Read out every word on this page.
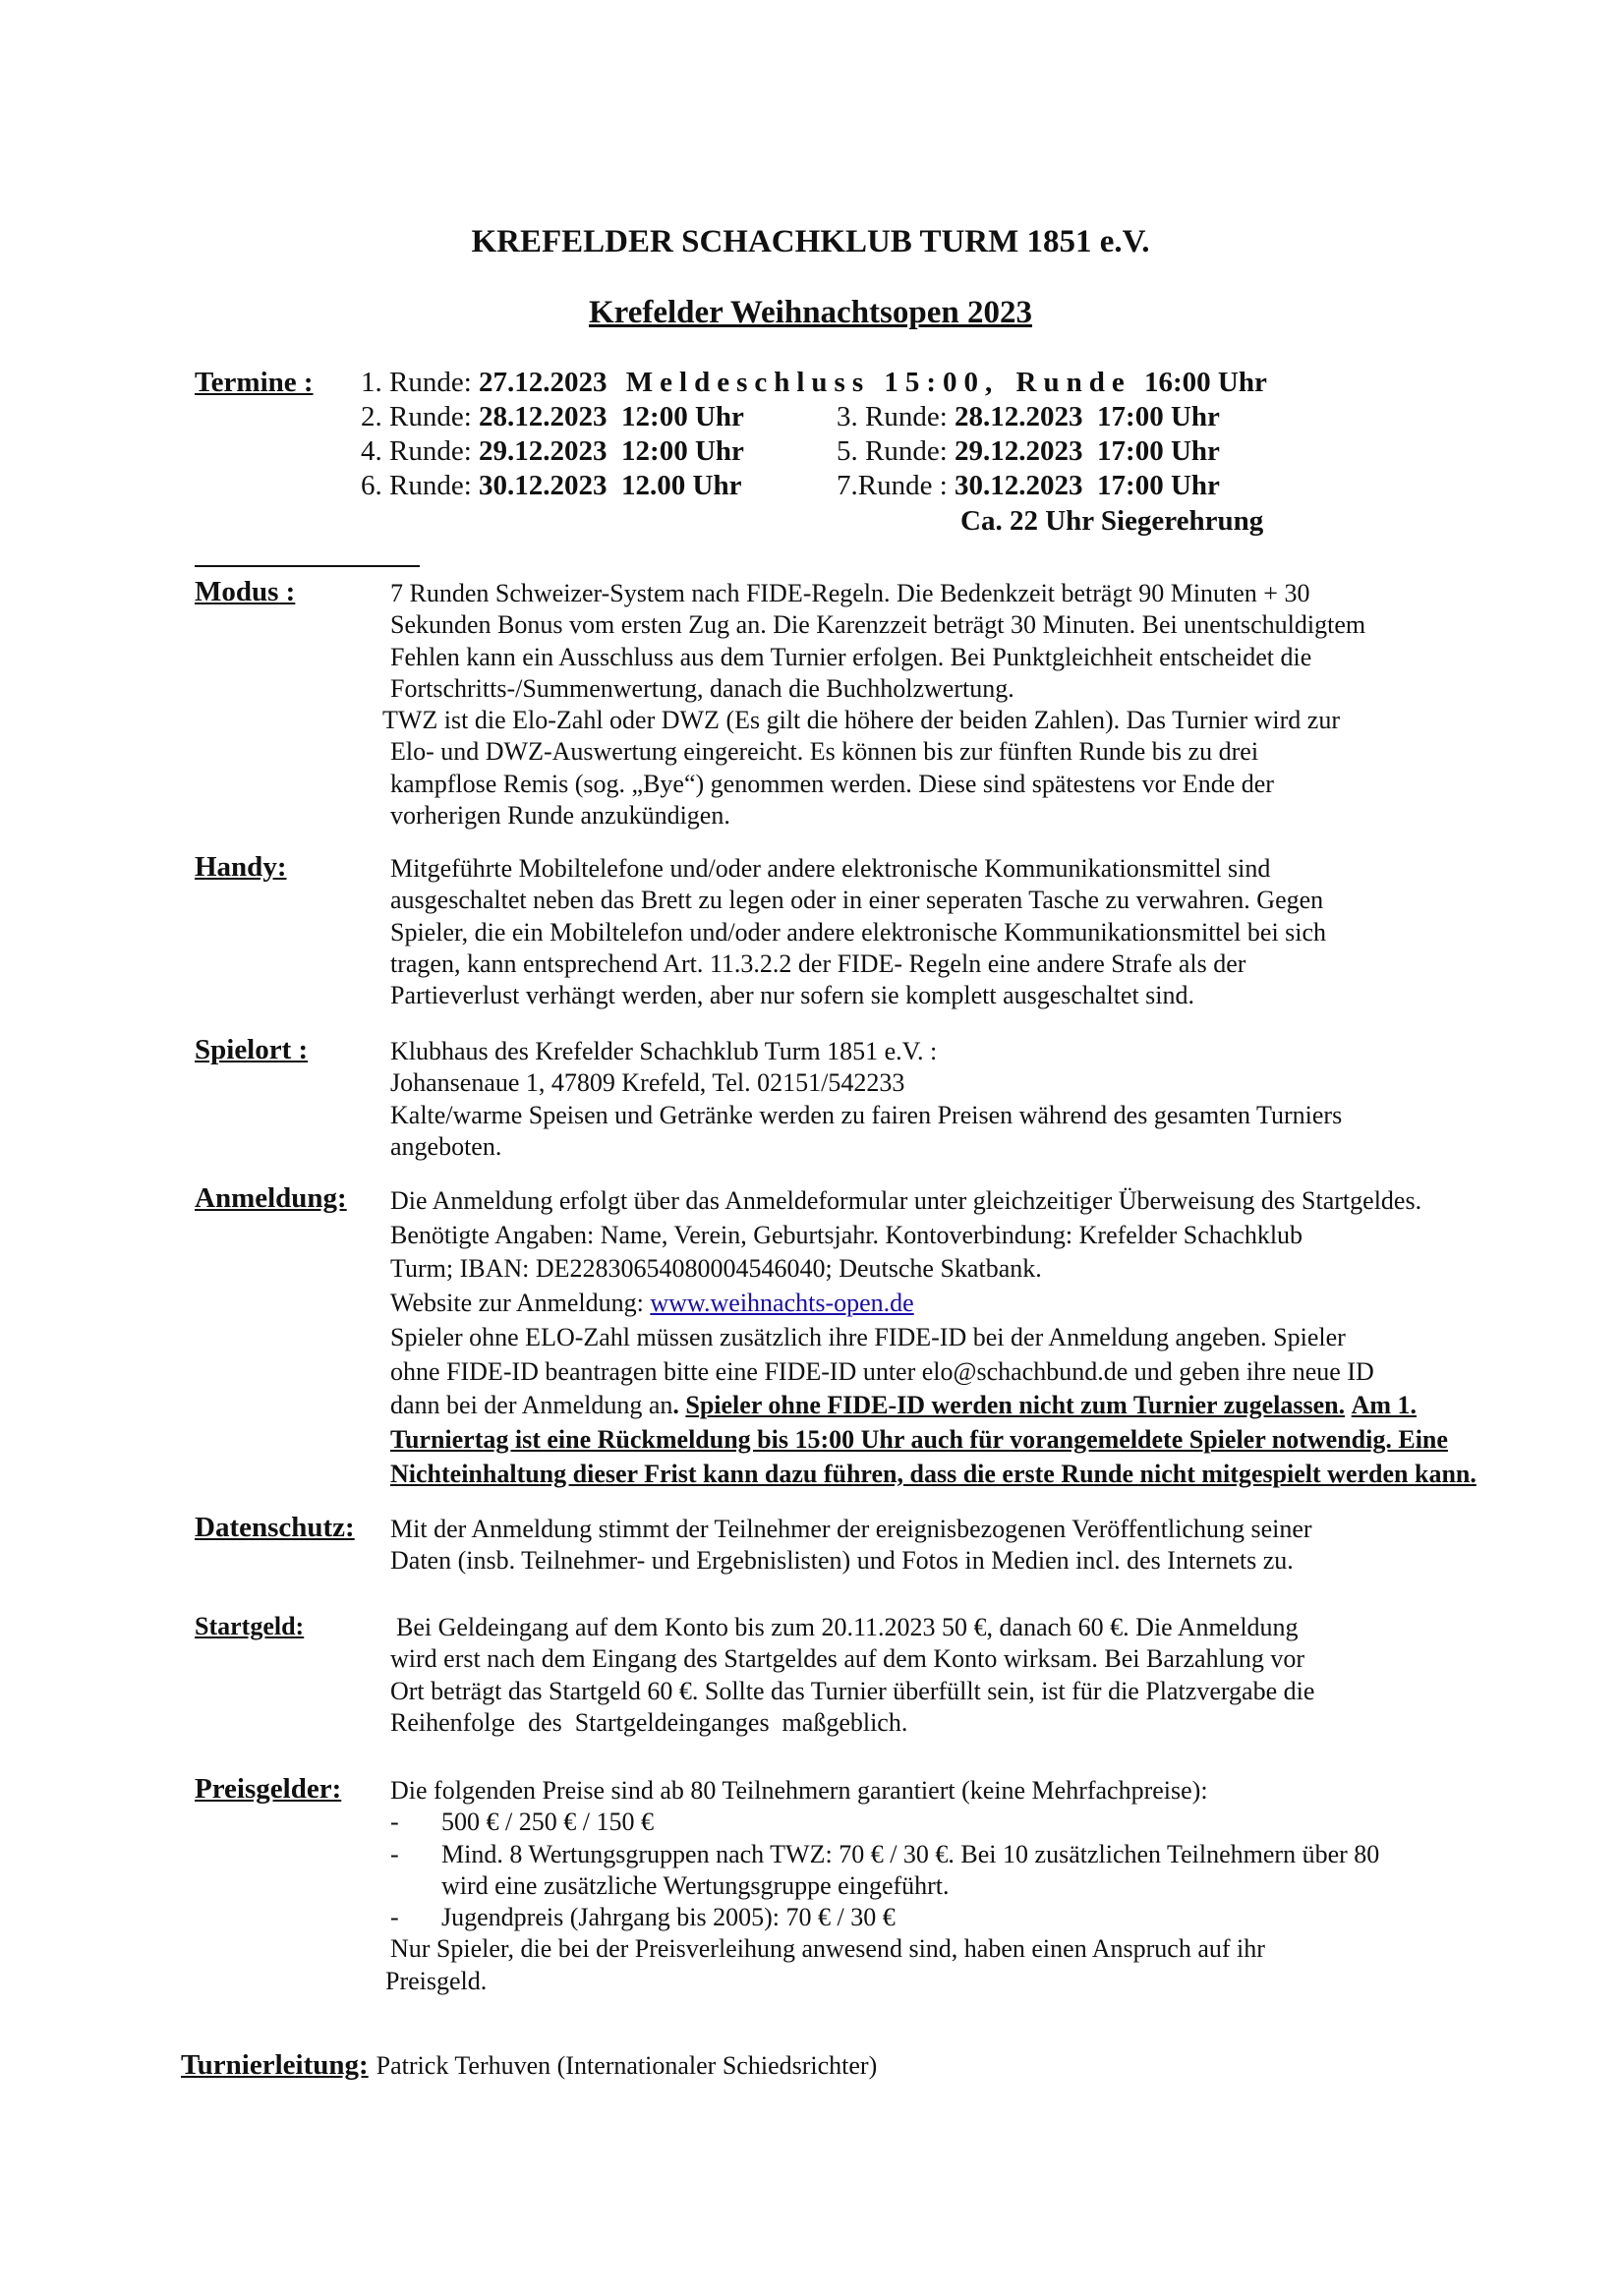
KREFELDER SCHACHKLUB TURM 1851 e.V.
Krefelder Weihnachtsopen 2023
Termine : 1. Runde: 27.12.2023 Meldeschluss 15:00, Runde 16:00 Uhr
2. Runde: 28.12.2023 12:00 Uhr	3. Runde: 28.12.2023 17:00 Uhr
4. Runde: 29.12.2023 12:00 Uhr	5. Runde: 29.12.2023 17:00 Uhr
6. Runde: 30.12.2023 12.00 Uhr	7.Runde : 30.12.2023 17:00 Uhr
Ca. 22 Uhr Siegerehrung
Modus :	7 Runden Schweizer-System nach FIDE-Regeln. Die Bedenkzeit beträgt 90 Minuten + 30
Sekunden Bonus vom ersten Zug an. Die Karenzzeit beträgt 30 Minuten. Bei unentschuldigtem
Fehlen kann ein Ausschluss aus dem Turnier erfolgen. Bei Punktgleichheit entscheidet die
Fortschritts-/Summenwertung, danach die Buchholzwertung.
TWZ ist die Elo-Zahl oder DWZ (Es gilt die höhere der beiden Zahlen). Das Turnier wird zur
Elo- und DWZ-Auswertung eingereicht. Es können bis zur fünften Runde bis zu drei
kampflose Remis (sog. „Bye“) genommen werden. Diese sind spätestens vor Ende der
vorherigen Runde anzukündigen.
Handy:	Mitgeführte Mobiltelefone und/oder andere elektronische Kommunikationsmittel sind
ausgeschaltet neben das Brett zu legen oder in einer seperaten Tasche zu verwahren. Gegen
Spieler, die ein Mobiltelefon und/oder andere elektronische Kommunikationsmittel bei sich
tragen, kann entsprechend Art. 11.3.2.2 der FIDE- Regeln eine andere Strafe als der
Partieverlust verhängt werden, aber nur sofern sie komplett ausgeschaltet sind.
Spielort :	Klubhaus des Krefelder Schachklub Turm 1851 e.V. :
Johansenaue 1, 47809 Krefeld, Tel. 02151/542233
Kalte/warme Speisen und Getränke werden zu fairen Preisen während des gesamten Turniers
angeboten.
Anmeldung: Die Anmeldung erfolgt über das Anmeldeformular unter gleichzeitiger Überweisung des Startgeldes.
Benötigte Angaben: Name, Verein, Geburtsjahr. Kontoverbindung: Krefelder Schachklub
Turm; IBAN: DE22830654080004546040; Deutsche Skatbank.
Website zur Anmeldung: www.weihnachts-open.de
Spieler ohne ELO-Zahl müssen zusätzlich ihre FIDE-ID bei der Anmeldung angeben. Spieler
ohne FIDE-ID beantragen bitte eine FIDE-ID unter elo@schachbund.de und geben ihre neue ID
dann bei der Anmeldung an. Spieler ohne FIDE-ID werden nicht zum Turnier zugelassen. Am 1.
Turniertag ist eine Rückmeldung bis 15:00 Uhr auch für vorangemeldete Spieler notwendig. Eine
Nichteinhaltung dieser Frist kann dazu führen, dass die erste Runde nicht mitgespielt werden kann.
Datenschutz: Mit der Anmeldung stimmt der Teilnehmer der ereignisbezogenen Veröffentlichung seiner
Daten (insb. Teilnehmer- und Ergebnislisten) und Fotos in Medien incl. des Internets zu.
Startgeld:	Bei Geldeingang auf dem Konto bis zum 20.11.2023 50 €, danach 60 €. Die Anmeldung
wird erst nach dem Eingang des Startgeldes auf dem Konto wirksam. Bei Barzahlung vor
Ort beträgt das Startgeld 60 €. Sollte das Turnier überfüllt sein, ist für die Platzvergabe die
Reihenfolge  des  Startgeldeinganges  maßgeblich.
Preisgelder: Die folgenden Preise sind ab 80 Teilnehmern garantiert (keine Mehrfachpreise):
- 500 € / 250 € / 150 €
- Mind. 8 Wertungsgruppen nach TWZ: 70 € / 30 €. Bei 10 zusätzlichen Teilnehmern über 80
wird eine zusätzliche Wertungsgruppe eingeführt.
- Jugendpreis (Jahrgang bis 2005): 70 € / 30 €
Nur Spieler, die bei der Preisverleihung anwesend sind, haben einen Anspruch auf ihr
Preisgeld.
Turnierleitung: Patrick Terhuven (Internationaler Schiedsrichter)
